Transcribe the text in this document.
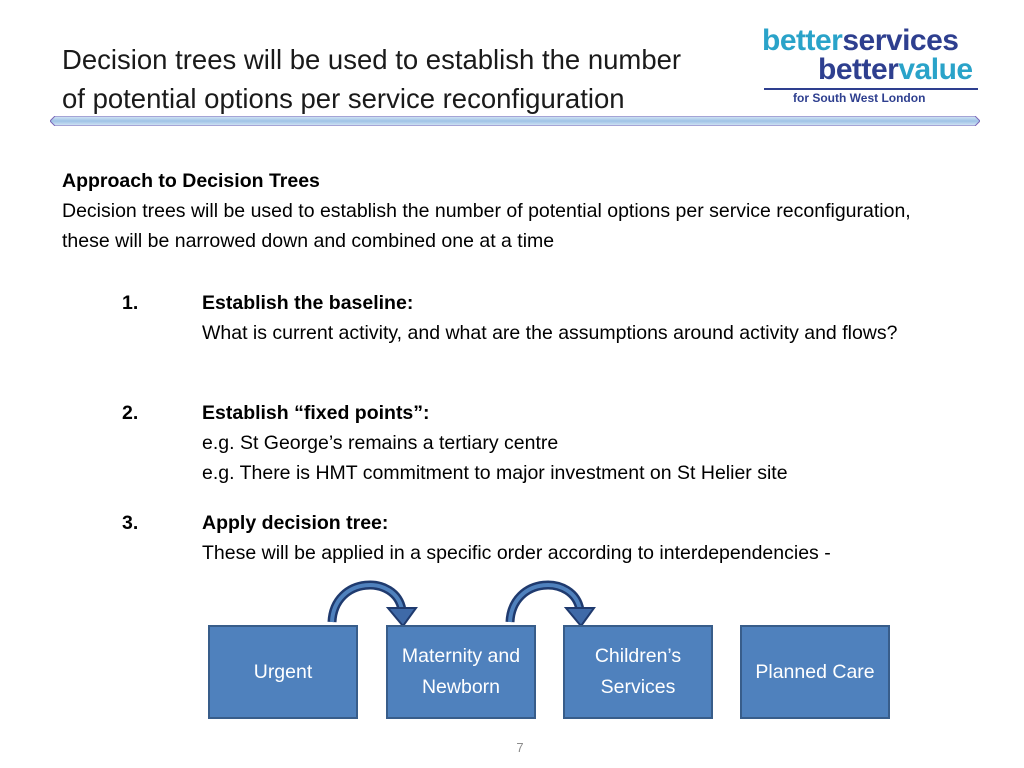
Decision trees will be used to establish the number
of potential options per service reconfiguration
betterservices
bettervalue
for South West London
Approach to Decision Trees
Decision trees will be used to establish the number of potential options per service reconfiguration, these will be narrowed down and combined one at a time
1.	Establish the baseline:
What is current activity, and what are the assumptions around activity and flows?
2.	Establish “fixed points”:
e.g. St George’s remains a tertiary centre
e.g. There is HMT commitment to major investment on St Helier site
3.	Apply decision tree:
These will be applied in a specific order according to interdependencies -
Urgent
Maternity and Newborn
Children’s Services
Planned Care
7
